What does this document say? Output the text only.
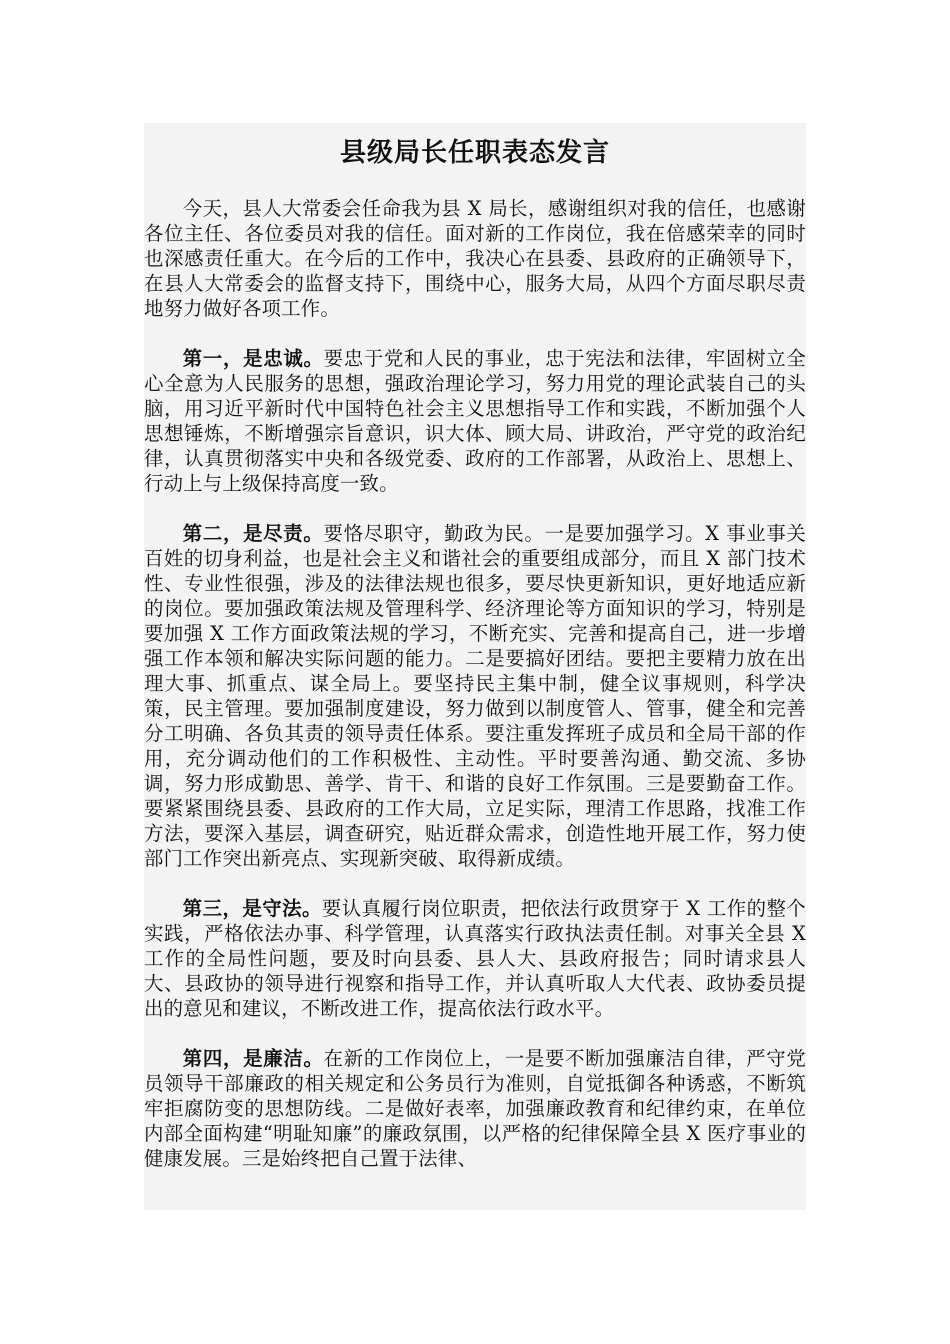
县级局长任职表态发言

今天，县人大常委会任命我为县 X 局长，感谢组织对我的信任，也感谢各位主任、各位委员对我的信任。面对新的工作岗位，我在倍感荣幸的同时也深感责任重大。在今后的工作中，我决心在县委、县政府的正确领导下，在县人大常委会的监督支持下，围绕中心，服务大局，从四个方面尽职尽责地努力做好各项工作。

第一，是忠诚。要忠于党和人民的事业，忠于宪法和法律，牢固树立全心全意为人民服务的思想，强政治理论学习，努力用党的理论武装自己的头脑，用习近平新时代中国特色社会主义思想指导工作和实践，不断加强个人思想锤炼，不断增强宗旨意识，识大体、顾大局、讲政治，严守党的政治纪律，认真贯彻落实中央和各级党委、政府的工作部署，从政治上、思想上、行动上与上级保持高度一致。

第二，是尽责。要恪尽职守，勤政为民。一是要加强学习。X 事业事关百姓的切身利益，也是社会主义和谐社会的重要组成部分，而且 X 部门技术性、专业性很强，涉及的法律法规也很多，要尽快更新知识，更好地适应新的岗位。要加强政策法规及管理科学、经济理论等方面知识的学习，特别是要加强 X 工作方面政策法规的学习，不断充实、完善和提高自己，进一步增强工作本领和解决实际问题的能力。二是要搞好团结。要把主要精力放在出理大事、抓重点、谋全局上。要坚持民主集中制，健全议事规则，科学决策，民主管理。要加强制度建设，努力做到以制度管人、管事，健全和完善分工明确、各负其责的领导责任体系。要注重发挥班子成员和全局干部的作用，充分调动他们的工作积极性、主动性。平时要善沟通、勤交流、多协调，努力形成勤思、善学、肯干、和谐的良好工作氛围。三是要勤奋工作。要紧紧围绕县委、县政府的工作大局，立足实际，理清工作思路，找准工作方法，要深入基层，调查研究，贴近群众需求，创造性地开展工作，努力使部门工作突出新亮点、实现新突破、取得新成绩。

第三，是守法。要认真履行岗位职责，把依法行政贯穿于 X 工作的整个实践，严格依法办事、科学管理，认真落实行政执法责任制。对事关全县 X 工作的全局性问题，要及时向县委、县人大、县政府报告；同时请求县人大、县政协的领导进行视察和指导工作，并认真听取人大代表、政协委员提出的意见和建议，不断改进工作，提高依法行政水平。

第四，是廉洁。在新的工作岗位上，一是要不断加强廉洁自律，严守党员领导干部廉政的相关规定和公务员行为准则，自觉抵御各种诱惑，不断筑牢拒腐防变的思想防线。二是做好表率，加强廉政教育和纪律约束，在单位内部全面构建“明耻知廉”的廉政氛围，以严格的纪律保障全县 X 医疗事业的健康发展。三是始终把自己置于法律、
